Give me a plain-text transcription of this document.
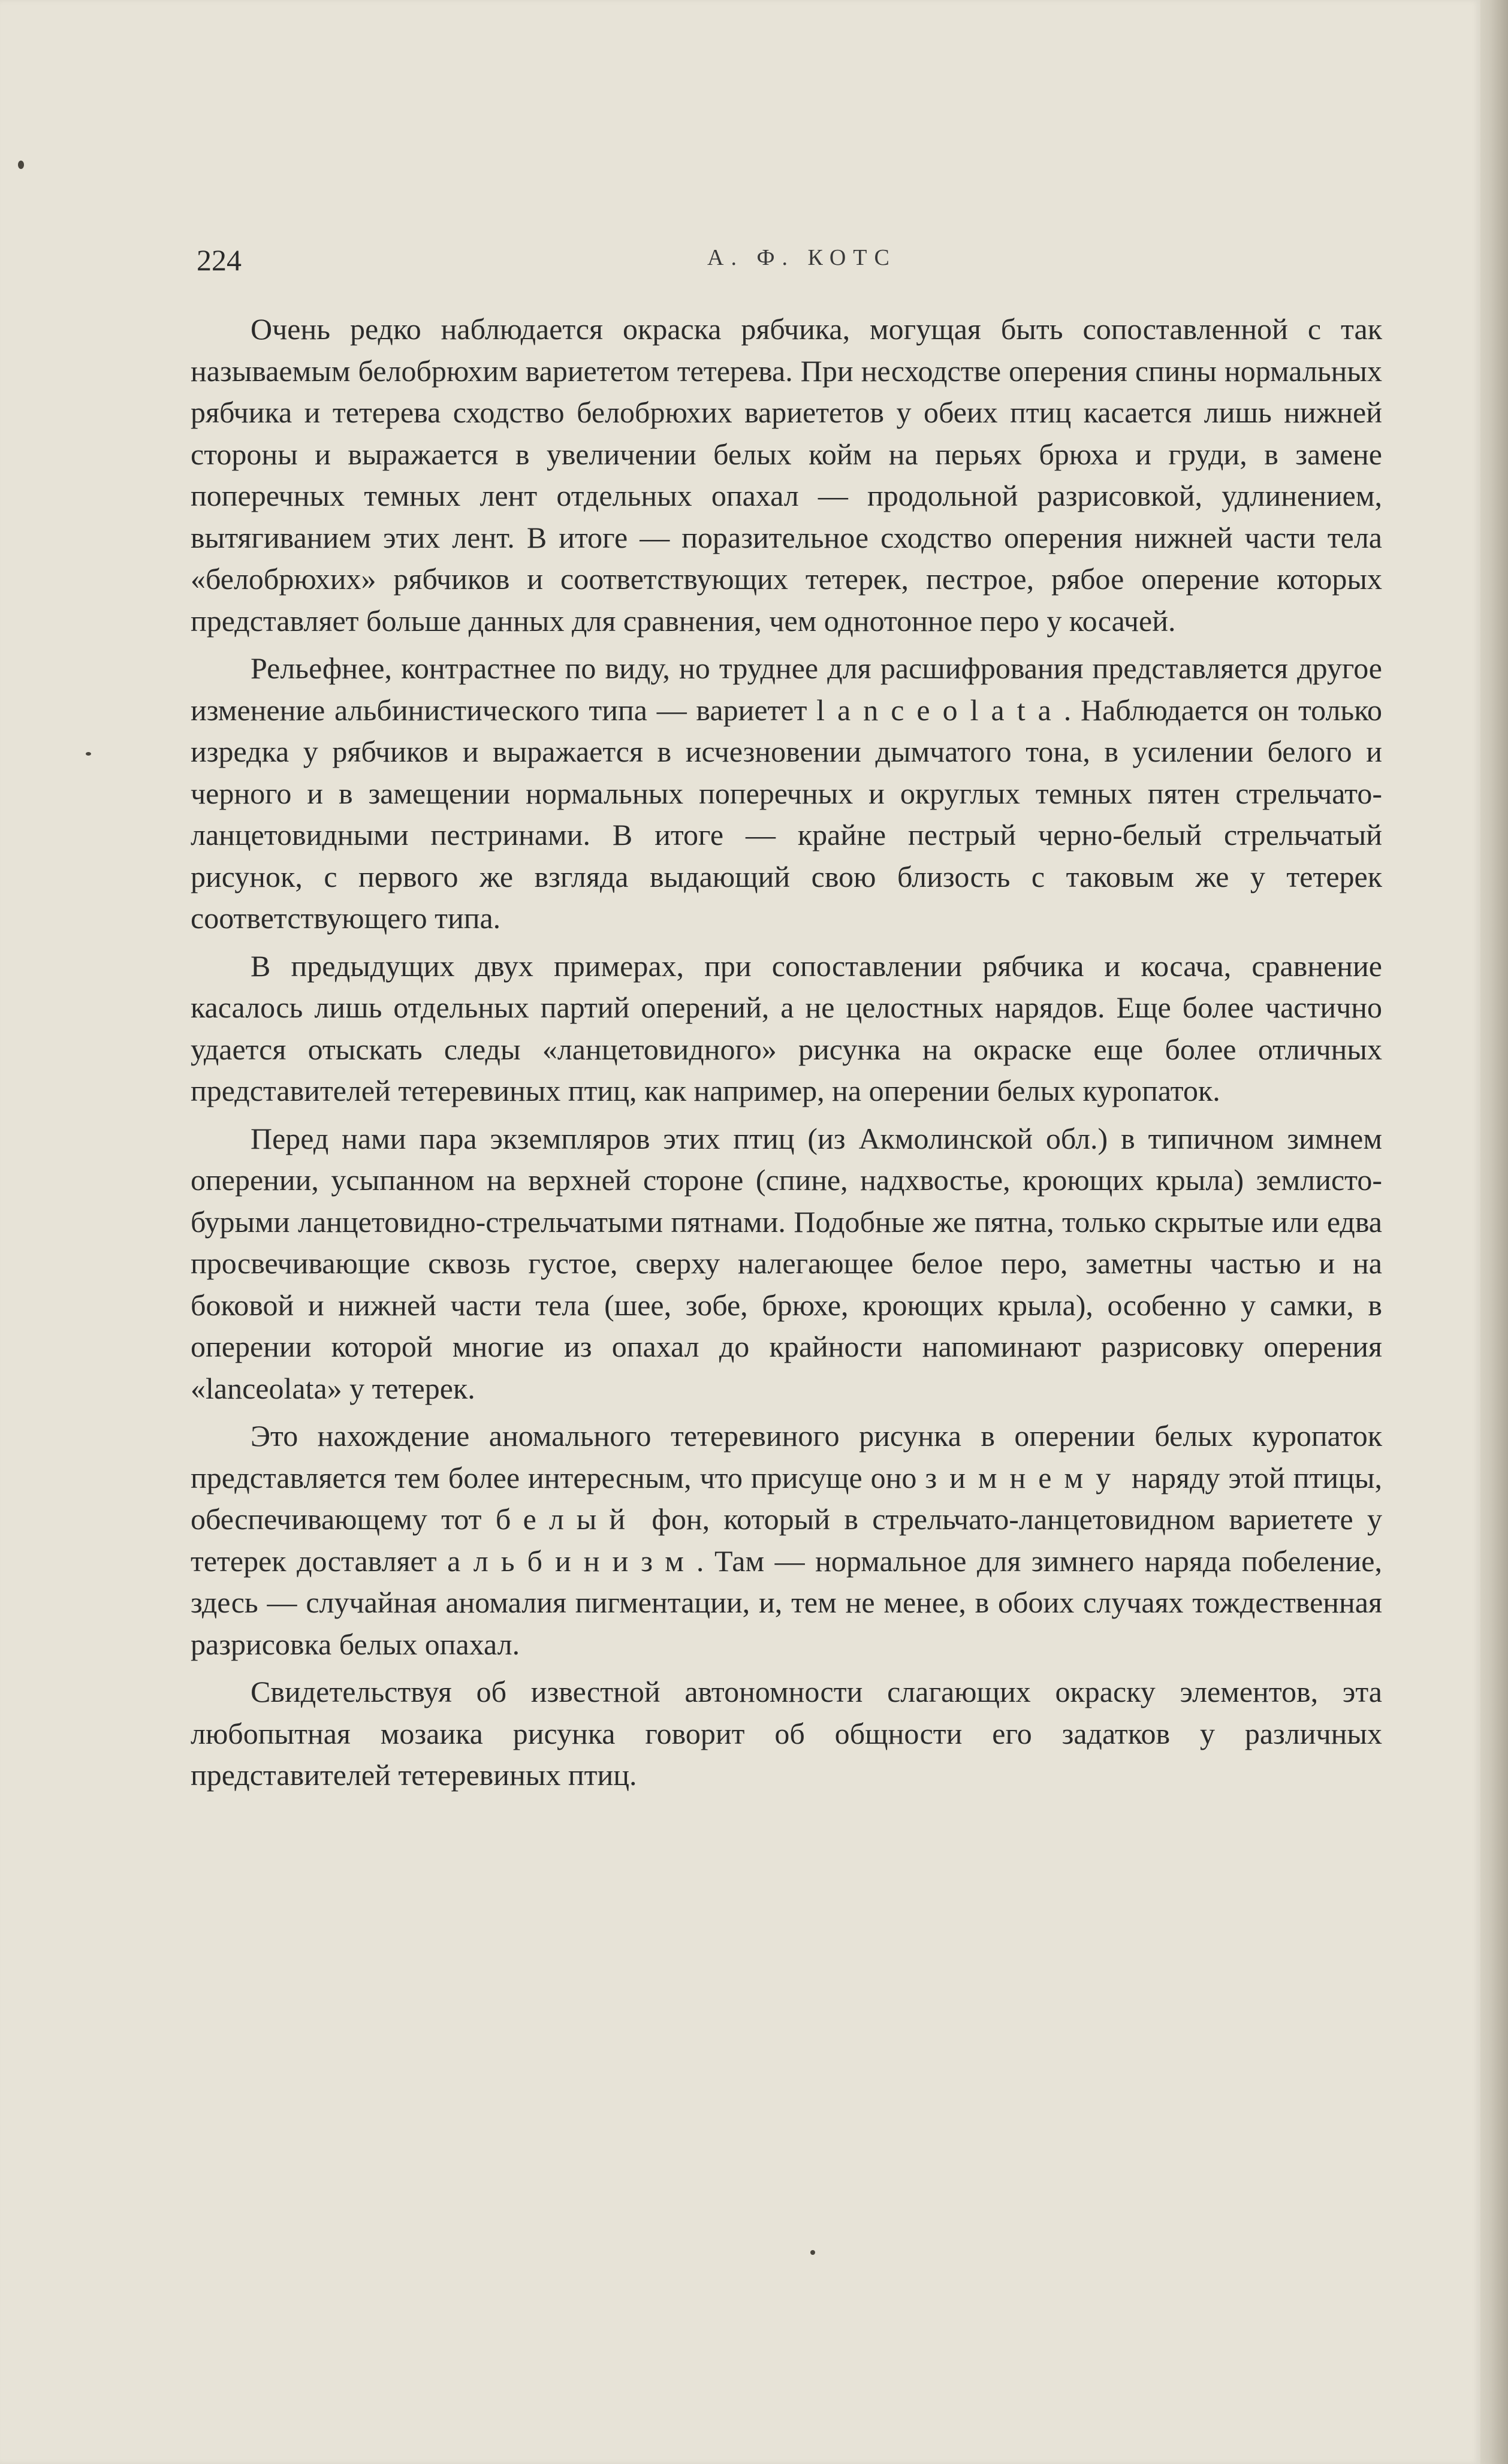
224	А. Ф. КОТС

Очень редко наблюдается окраска рябчика, могущая быть сопоставленной с так называемым белобрюхим вариететом тетерева. При несходстве оперения спины нормальных рябчика и тетерева сходство белобрюхих вариететов у обеих птиц касается лишь нижней стороны и выражается в увеличении белых койм на перьях брюха и груди, в замене поперечных темных лент отдельных опахал — продольной разрисовкой, удлинением, вытягиванием этих лент. В итоге — поразительное сходство оперения нижней части тела «белобрюхих» рябчиков и соответствующих тетерек, пестрое, рябое оперение которых представляет больше данных для сравнения, чем однотонное перо у косачей.

Рельефнее, контрастнее по виду, но труднее для расшифрования представляется другое изменение альбинистического типа — вариетет lanceolata. Наблюдается он только изредка у рябчиков и выражается в исчезновении дымчатого тона, в усилении белого и черного и в замещении нормальных поперечных и округлых темных пятен стрельчато-ланцетовидными пестринами. В итоге — крайне пестрый черно-белый стрельчатый рисунок, с первого же взгляда выдающий свою близость с таковым же у тетерек соответствующего типа.

В предыдущих двух примерах, при сопоставлении рябчика и косача, сравнение касалось лишь отдельных партий оперений, а не целостных нарядов. Еще более частично удается отыскать следы «ланцетовидного» рисунка на окраске еще более отличных представителей тетеревиных птиц, как например, на оперении белых куропаток.

Перед нами пара экземпляров этих птиц (из Акмолинской обл.) в типичном зимнем оперении, усыпанном на верхней стороне (спине, надхвостье, кроющих крыла) землисто-бурыми ланцетовидно-стрельчатыми пятнами. Подобные же пятна, только скрытые или едва просвечивающие сквозь густое, сверху налегающее белое перо, заметны частью и на боковой и нижней части тела (шее, зобе, брюхе, кроющих крыла), особенно у самки, в оперении которой многие из опахал до крайности напоминают разрисовку оперения «lanceolata» у тетерек.

Это нахождение аномального тетеревиного рисунка в оперении белых куропаток представляется тем более интересным, что присуще оно зимнему наряду этой птицы, обеспечивающему тот белый фон, который в стрельчато-ланцетовидном вариетете у тетерек доставляет альбинизм. Там — нормальное для зимнего наряда побеление, здесь — случайная аномалия пигментации, и, тем не менее, в обоих случаях тождественная разрисовка белых опахал.

Свидетельствуя об известной автономности слагающих окраску элементов, эта любопытная мозаика рисунка говорит об общности его задатков у различных представителей тетеревиных птиц.
